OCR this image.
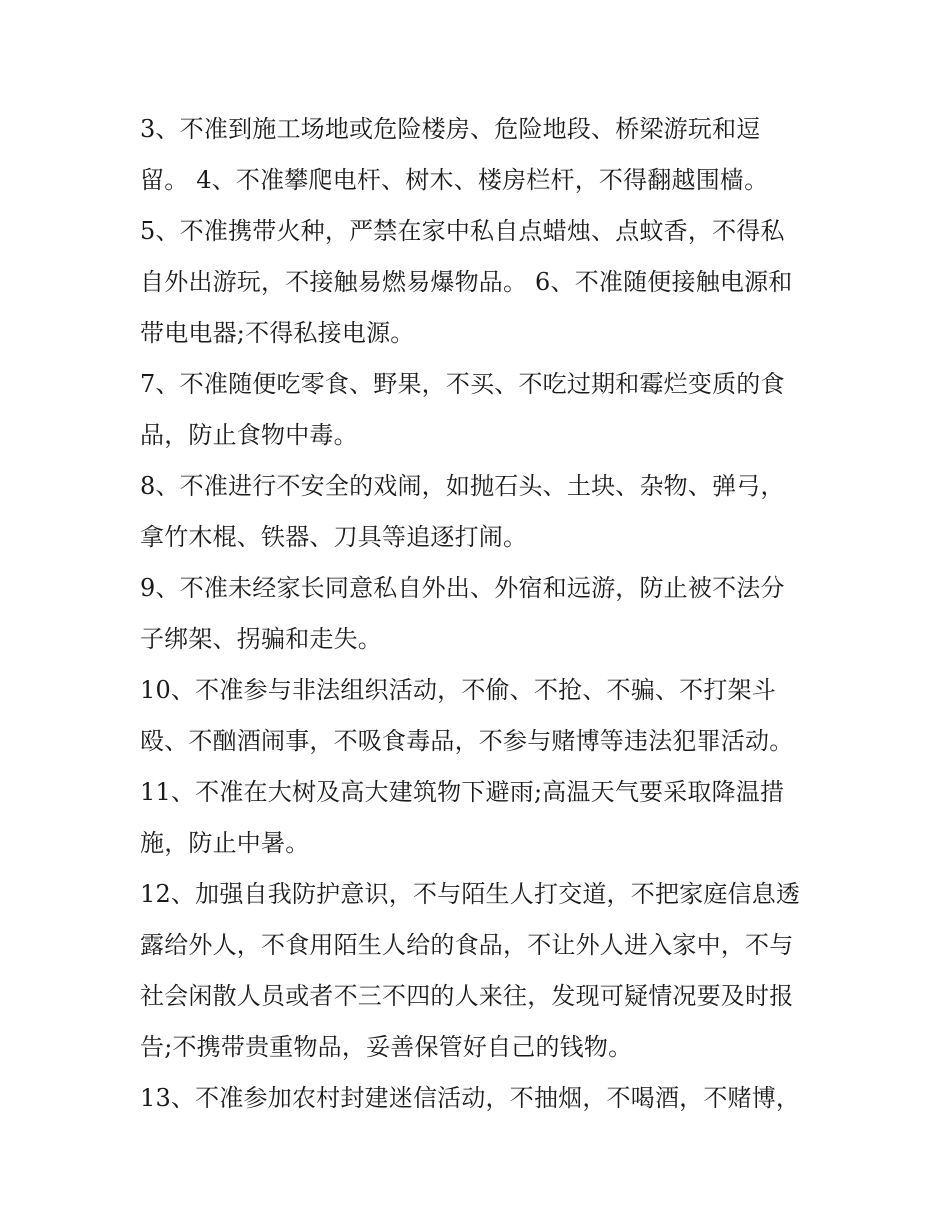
3、不准到施工场地或危险楼房、危险地段、桥梁游玩和逗
留。 4、不准攀爬电杆、树木、楼房栏杆，不得翻越围樯。
5、不准携带火种，严禁在家中私自点蜡烛、点蚊香，不得私
自外出游玩，不接触易燃易爆物品。 6、不准随便接触电源和
带电电器;不得私接电源。
7、不准随便吃零食、野果，不买、不吃过期和霉烂变质的食
品，防止食物中毒。
8、不准进行不安全的戏闹，如抛石头、土块、杂物、弹弓，
拿竹木棍、铁器、刀具等追逐打闹。
9、不准未经家长同意私自外出、外宿和远游，防止被不法分
子绑架、拐骗和走失。
10、不准参与非法组织活动，不偷、不抢、不骗、不打架斗
殴、不酗酒闹事，不吸食毒品，不参与赌博等违法犯罪活动。
11、不准在大树及高大建筑物下避雨;高温天气要采取降温措
施，防止中暑。
12、加强自我防护意识，不与陌生人打交道，不把家庭信息透
露给外人，不食用陌生人给的食品，不让外人进入家中，不与
社会闲散人员或者不三不四的人来往，发现可疑情况要及时报
告;不携带贵重物品，妥善保管好自己的钱物。
13、不准参加农村封建迷信活动，不抽烟，不喝酒，不赌博，
